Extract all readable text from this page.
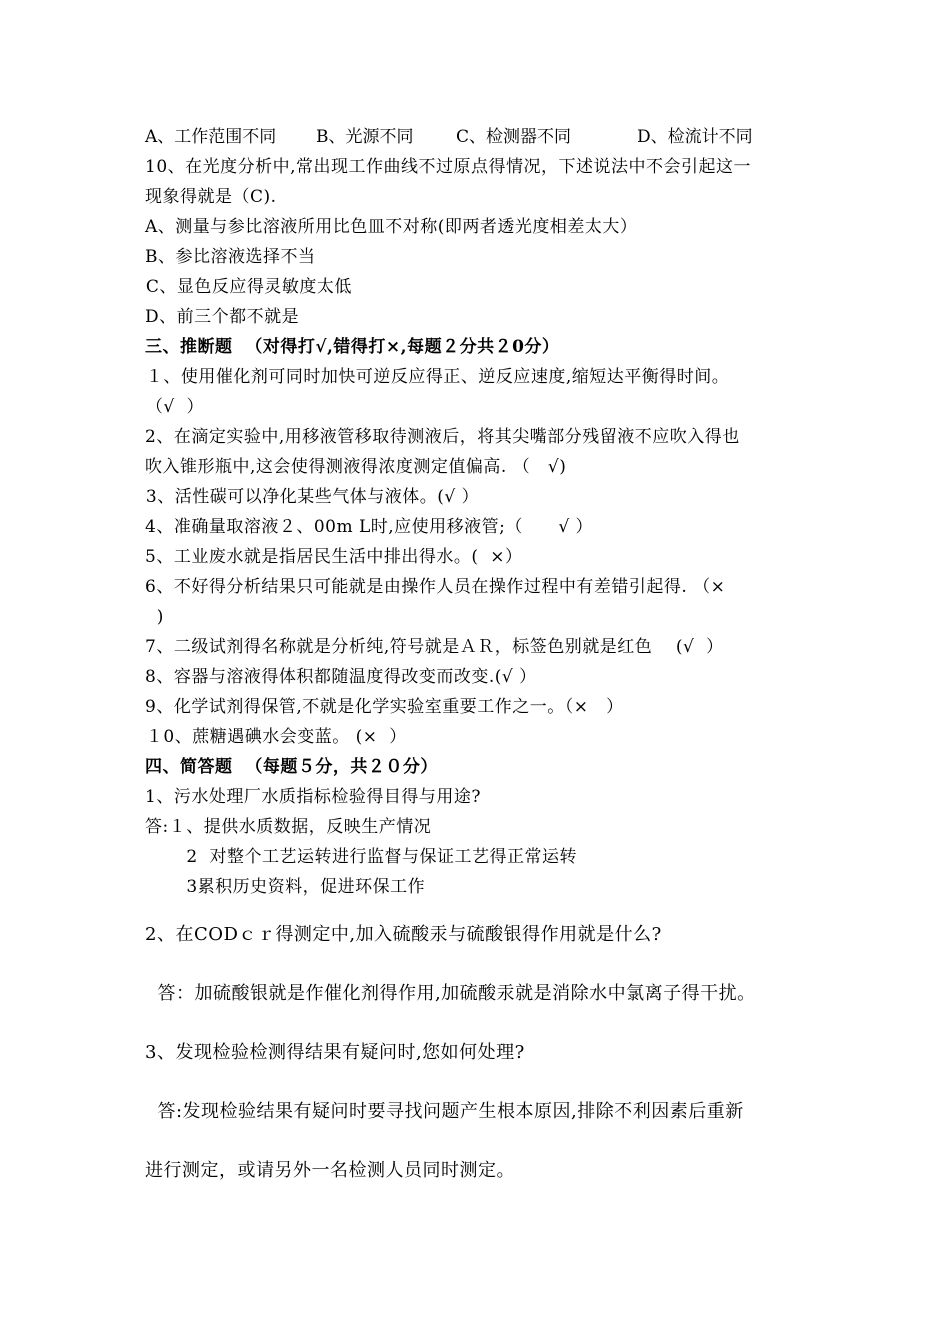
A、工作范围不同 B、光源不同	C、检测器不同	D、检流计不同
10、在光度分析中,常出现工作曲线不过原点得情况，下述说法中不会引起这一
现象得就是（C).
A、测量与参比溶液所用比色皿不对称(即两者透光度相差太大）
B、参比溶液选择不当
C、显色反应得灵敏度太低
D、前三个都不就是
三、推断题  （对得打√,错得打×,每题２分共２0分）
１、使用催化剂可同时加快可逆反应得正、逆反应速度,缩短达平衡得时间。
（√  ）
2、在滴定实验中,用移液管移取待测液后，将其尖嘴部分残留液不应吹入得也
吹入锥形瓶中,这会使得测液得浓度测定值偏高. （   √)
3、活性碳可以净化某些气体与液体。(√ ）
4、准确量取溶液２、00m L时,应使用移液管;（      √ ）
5、工业废水就是指居民生活中排出得水。(  ×）
6、不好得分析结果只可能就是由操作人员在操作过程中有差错引起得. （×
)
7、二级试剂得名称就是分析纯,符号就是ＡＲ，标签色别就是红色    (√  ）
8、容器与溶液得体积都随温度得改变而改变.(√ ）
9、化学试剂得保管,不就是化学实验室重要工作之一。（×   ）
１0、蔗糖遇碘水会变蓝。 (×  ）
四、简答题  （每题５分，共２０分）
1、污水处理厂水质指标检验得目得与用途?
答:１、提供水质数据，反映生产情况
2  对整个工艺运转进行监督与保证工艺得正常运转
3累积历史资料，促进环保工作
2、在CODｃｒ得测定中,加入硫酸汞与硫酸银得作用就是什么?
答：加硫酸银就是作催化剂得作用,加硫酸汞就是消除水中氯离子得干扰。
3、发现检验检测得结果有疑问时,您如何处理?
答:发现检验结果有疑问时要寻找问题产生根本原因,排除不利因素后重新
进行测定，或请另外一名检测人员同时测定。
